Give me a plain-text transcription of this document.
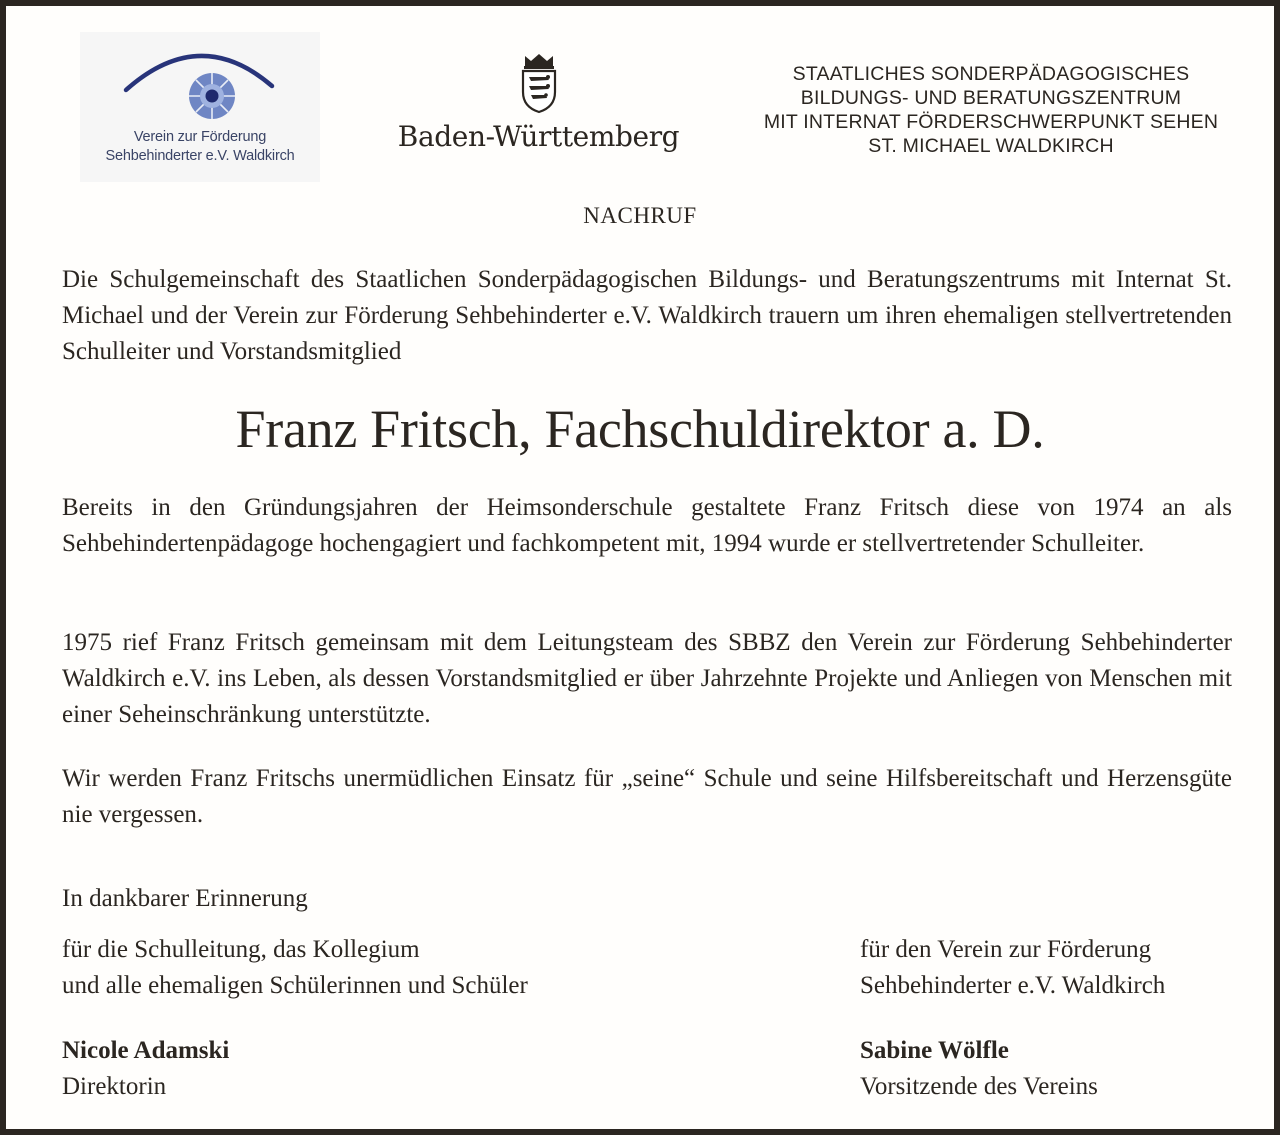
Verein zur Förderung
Sehbehinderter e.V. Waldkirch
Baden-Württemberg
STAATLICHES SONDERPÄDAGOGISCHES
BILDUNGS- UND BERATUNGSZENTRUM
MIT INTERNAT FÖRDERSCHWERPUNKT SEHEN
ST. MICHAEL WALDKIRCH
NACHRUF
Die Schulgemeinschaft des Staatlichen Sonderpädagogischen Bildungs- und Beratungszentrums mit Internat St. Michael und der Verein zur Förderung Sehbehinderter e.V. Waldkirch trauern um ihren ehemaligen stellvertretenden Schulleiter und Vorstandsmitglied
Franz Fritsch, Fachschuldirektor a. D.
Bereits in den Gründungsjahren der Heimsonderschule gestaltete Franz Fritsch diese von 1974 an als Sehbehindertenpädagoge hochengagiert und fachkompetent mit, 1994 wurde er stellvertretender Schulleiter.
1975 rief Franz Fritsch gemeinsam mit dem Leitungsteam des SBBZ den Verein zur Förderung Sehbehinderter Waldkirch e.V. ins Leben, als dessen Vorstandsmitglied er über Jahrzehnte Projekte und Anliegen von Menschen mit einer Seheinschränkung unterstützte.
Wir werden Franz Fritschs unermüdlichen Einsatz für „seine“ Schule und seine Hilfsbereitschaft und Herzensgüte nie vergessen.
In dankbarer Erinnerung
für die Schulleitung, das Kollegium
und alle ehemaligen Schülerinnen und Schüler
für den Verein zur Förderung
Sehbehinderter e.V. Waldkirch
Nicole Adamski
Direktorin
Sabine Wölfle
Vorsitzende des Vereins
